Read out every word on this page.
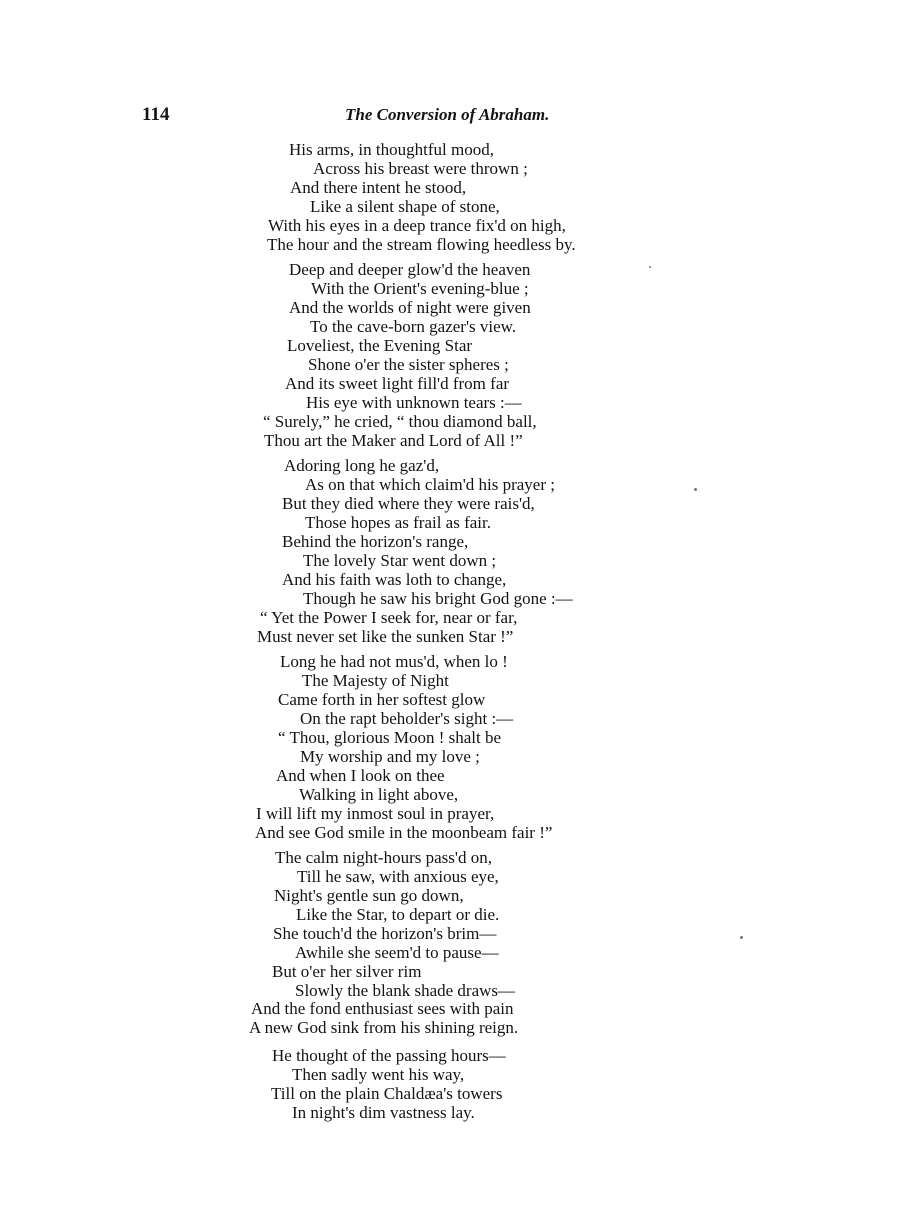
114	The Conversion of Abraham.
His arms, in thoughtful mood,
Across his breast were thrown ;
And there intent he stood,
Like a silent shape of stone,
With his eyes in a deep trance fix'd on high,
The hour and the stream flowing heedless by.
Deep and deeper glow'd the heaven
With the Orient's evening-blue ;
And the worlds of night were given
To the cave-born gazer's view.
Loveliest, the Evening Star
Shone o'er the sister spheres ;
And its sweet light fill'd from far
His eye with unknown tears :—
“ Surely,” he cried, “ thou diamond ball,
Thou art the Maker and Lord of All !”
Adoring long he gaz'd,
As on that which claim'd his prayer ;
But they died where they were rais'd,
Those hopes as frail as fair.
Behind the horizon's range,
The lovely Star went down ;
And his faith was loth to change,
Though he saw his bright God gone :—
“ Yet the Power I seek for, near or far,
Must never set like the sunken Star !”
Long he had not mus'd, when lo !
The Majesty of Night
Came forth in her softest glow
On the rapt beholder's sight :—
“ Thou, glorious Moon ! shalt be
My worship and my love ;
And when I look on thee
Walking in light above,
I will lift my inmost soul in prayer,
And see God smile in the moonbeam fair !”
The calm night-hours pass'd on,
Till he saw, with anxious eye,
Night's gentle sun go down,
Like the Star, to depart or die.
She touch'd the horizon's brim—
Awhile she seem'd to pause—
But o'er her silver rim
Slowly the blank shade draws—
And the fond enthusiast sees with pain
A new God sink from his shining reign.
He thought of the passing hours—
Then sadly went his way,
Till on the plain Chaldæa's towers
In night's dim vastness lay.
